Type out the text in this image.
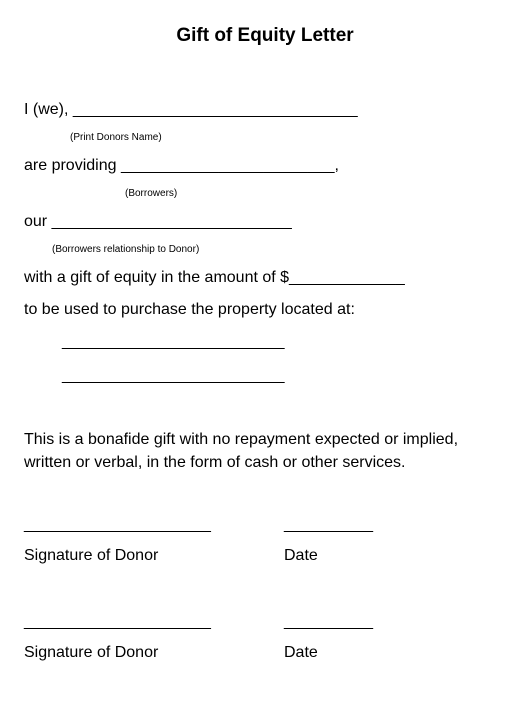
Gift of Equity Letter
I (we), ________________________________
(Print Donors Name)
are providing ________________________,
(Borrowers)
our ___________________________
(Borrowers relationship to Donor)
with a gift of equity in the amount of $_____________
to be used to purchase the property located at:
_________________________
_________________________
This is a bonafide gift with no repayment expected or implied,
written or verbal, in the form of cash or other services.
_____________________	__________
Signature of Donor	Date
_____________________	__________
Signature of Donor	Date
